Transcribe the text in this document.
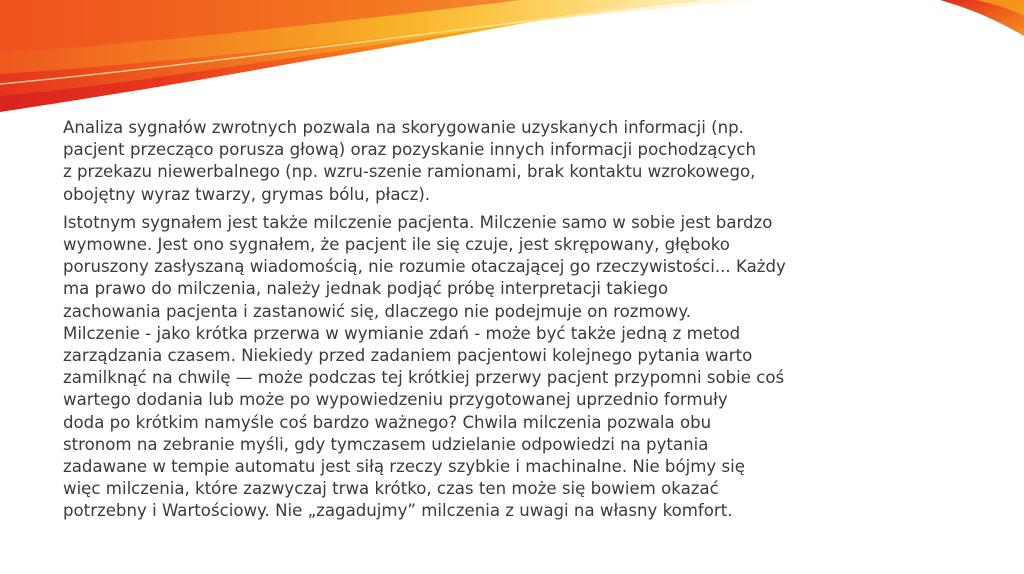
Analiza sygnałów zwrotnych pozwala na skorygowanie uzyskanych informacji (np.
pacjent przecząco porusza głową) oraz pozyskanie innych informacji pochodzących
z przekazu niewerbalnego (np. wzru-szenie ramionami, brak kontaktu wzrokowego,
obojętny wyraz twarzy, grymas bólu, płacz).

Istotnym sygnałem jest także milczenie pacjenta. Milczenie samo w sobie jest bardzo
wymowne. Jest ono sygnałem, że pacjent ile się czuje, jest skrępowany, głęboko
poruszony zasłyszaną wiadomością, nie rozumie otaczającej go rzeczywistości... Każdy
ma prawo do milczenia, należy jednak podjąć próbę interpretacji takiego
zachowania pacjenta i zastanowić się, dlaczego nie podejmuje on rozmowy.
Milczenie - jako krótka przerwa w wymianie zdań - może być także jedną z metod
zarządzania czasem. Niekiedy przed zadaniem pacjentowi kolejnego pytania warto
zamilknąć na chwilę — może podczas tej krótkiej przerwy pacjent przypomni sobie coś
wartego dodania lub może po wypowiedzeniu przygotowanej uprzednio formuły
doda po krótkim namyśle coś bardzo ważnego? Chwila milczenia pozwala obu
stronom na zebranie myśli, gdy tymczasem udzielanie odpowiedzi na pytania
zadawane w tempie automatu jest siłą rzeczy szybkie i machinalne. Nie bójmy się
więc milczenia, które zazwyczaj trwa krótko, czas ten może się bowiem okazać
potrzebny i Wartościowy. Nie „zagadujmy” milczenia z uwagi na własny komfort.
